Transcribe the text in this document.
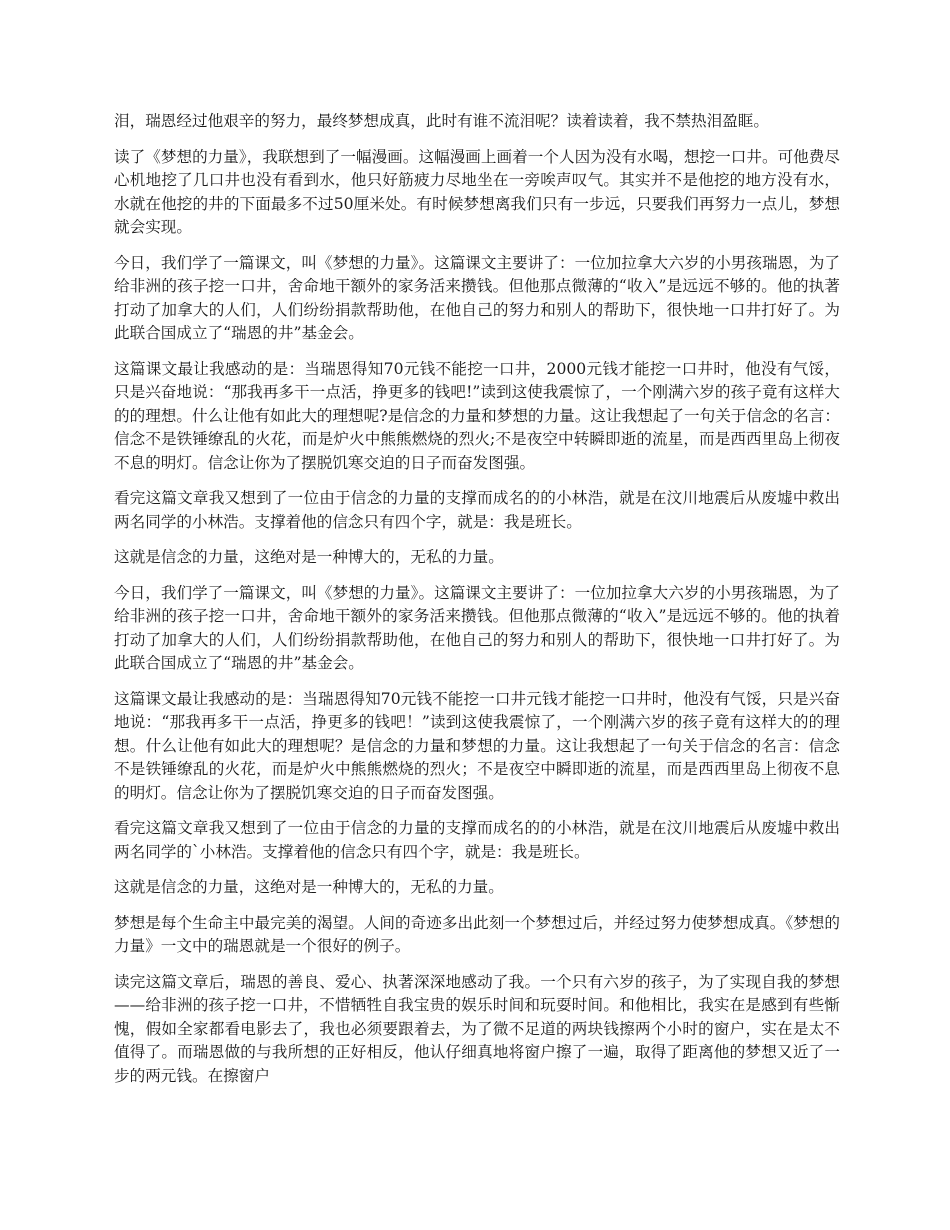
泪，瑞恩经过他艰辛的努力，最终梦想成真，此时有谁不流泪呢？读着读着，我不禁热泪盈眶。

读了《梦想的力量》，我联想到了一幅漫画。这幅漫画上画着一个人因为没有水喝，想挖一口井。可他费尽心机地挖了几口井也没有看到水，他只好筋疲力尽地坐在一旁唉声叹气。其实并不是他挖的地方没有水，水就在他挖的井的下面最多不过50厘米处。有时候梦想离我们只有一步远，只要我们再努力一点儿，梦想就会实现。

今日，我们学了一篇课文，叫《梦想的力量》。这篇课文主要讲了：一位加拉拿大六岁的小男孩瑞恩，为了给非洲的孩子挖一口井，舍命地干额外的家务活来攒钱。但他那点微薄的“收入”是远远不够的。他的执著打动了加拿大的人们，人们纷纷捐款帮助他，在他自己的努力和别人的帮助下，很快地一口井打好了。为此联合国成立了“瑞恩的井”基金会。

这篇课文最让我感动的是：当瑞恩得知70元钱不能挖一口井，2000元钱才能挖一口井时，他没有气馁，只是兴奋地说：“那我再多干一点活，挣更多的钱吧!”读到这使我震惊了，一个刚满六岁的孩子竟有这样大的的理想。什么让他有如此大的理想呢?是信念的力量和梦想的力量。这让我想起了一句关于信念的名言：信念不是铁锤缭乱的火花，而是炉火中熊熊燃烧的烈火;不是夜空中转瞬即逝的流星，而是西西里岛上彻夜不息的明灯。信念让你为了摆脱饥寒交迫的日子而奋发图强。

看完这篇文章我又想到了一位由于信念的力量的支撑而成名的的小林浩，就是在汶川地震后从废墟中救出两名同学的小林浩。支撑着他的信念只有四个字，就是：我是班长。

这就是信念的力量，这绝对是一种博大的，无私的力量。

今日，我们学了一篇课文，叫《梦想的力量》。这篇课文主要讲了：一位加拉拿大六岁的小男孩瑞恩，为了给非洲的孩子挖一口井，舍命地干额外的家务活来攒钱。但他那点微薄的“收入”是远远不够的。他的执着打动了加拿大的人们，人们纷纷捐款帮助他，在他自己的努力和别人的帮助下，很快地一口井打好了。为此联合国成立了“瑞恩的井”基金会。

这篇课文最让我感动的是：当瑞恩得知70元钱不能挖一口井元钱才能挖一口井时，他没有气馁，只是兴奋地说：“那我再多干一点活，挣更多的钱吧！”读到这使我震惊了，一个刚满六岁的孩子竟有这样大的的理想。什么让他有如此大的理想呢？是信念的力量和梦想的力量。这让我想起了一句关于信念的名言：信念不是铁锤缭乱的火花，而是炉火中熊熊燃烧的烈火；不是夜空中瞬即逝的流星，而是西西里岛上彻夜不息的明灯。信念让你为了摆脱饥寒交迫的日子而奋发图强。

看完这篇文章我又想到了一位由于信念的力量的支撑而成名的的小林浩，就是在汶川地震后从废墟中救出两名同学的`小林浩。支撑着他的信念只有四个字，就是：我是班长。

这就是信念的力量，这绝对是一种博大的，无私的力量。

梦想是每个生命主中最完美的渴望。人间的奇迹多出此刻一个梦想过后，并经过努力使梦想成真。《梦想的力量》一文中的瑞恩就是一个很好的例子。

读完这篇文章后，瑞恩的善良、爱心、执著深深地感动了我。一个只有六岁的孩子，为了实现自我的梦想——给非洲的孩子挖一口井，不惜牺牲自我宝贵的娱乐时间和玩耍时间。和他相比，我实在是感到有些惭愧，假如全家都看电影去了，我也必须要跟着去，为了微不足道的两块钱擦两个小时的窗户，实在是太不值得了。而瑞恩做的与我所想的正好相反，他认仔细真地将窗户擦了一遍，取得了距离他的梦想又近了一步的两元钱。在擦窗户
